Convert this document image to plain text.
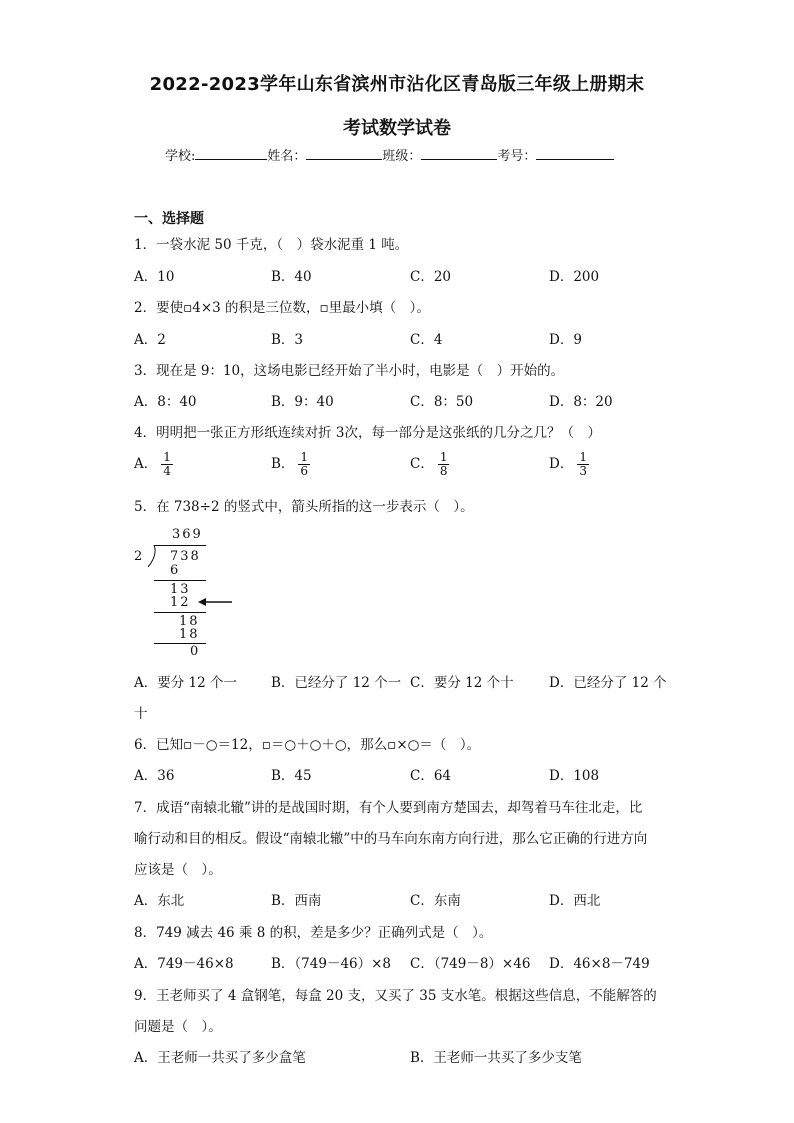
2022-2023学年山东省滨州市沾化区青岛版三年级上册期末
考试数学试卷
学校:	姓名：	班级：	考号：
一、选择题
1．一袋水泥 50 千克，（　）袋水泥重 1 吨。
A．10	B．40	C．20	D．200
2．要使▫4×3 的积是三位数，▫里最小填（　）。
A．2	B．3	C．4	D．9
3．现在是 9：10，这场电影已经开始了半小时，电影是（　）开始的。
A．8：40	B．9：40	C．8：50	D．8：20
4．明明把一张正方形纸连续对折 3次，每一部分是这张纸的几分之几？（　）
A． $\frac{1}{4}$	B． $\frac{1}{6}$	C． $\frac{1}{8}$	D． $\frac{1}{3}$
5．在 738÷2 的竖式中，箭头所指的这一步表示（　）。
369
2 738
6
13
12
18
18
0
A．要分 12 个一	B．已经分了 12 个一 C．要分 12 个十	D．已经分了 12 个
十
6．已知▫－○＝12，▫＝○＋○＋○，那么▫×○＝（　）。
A．36	B．45	C．64	D．108
7．成语“南辕北辙”讲的是战国时期，有个人要到南方楚国去，却驾着马车往北走，比
喻行动和目的相反。假设“南辕北辙”中的马车向东南方向行进，那么它正确的行进方向
应该是（　）。
A．东北	B．西南	C．东南	D．西北
8．749 减去 46 乘 8 的积，差是多少？正确列式是（　）。
A．749－46×8	B．（749－46）×8 C．（749－8）×46 D．46×8－749
9．王老师买了 4 盒钢笔，每盒 20 支，又买了 35 支水笔。根据这些信息，不能解答的
问题是（　）。
A．王老师一共买了多少盒笔	B．王老师一共买了多少支笔
